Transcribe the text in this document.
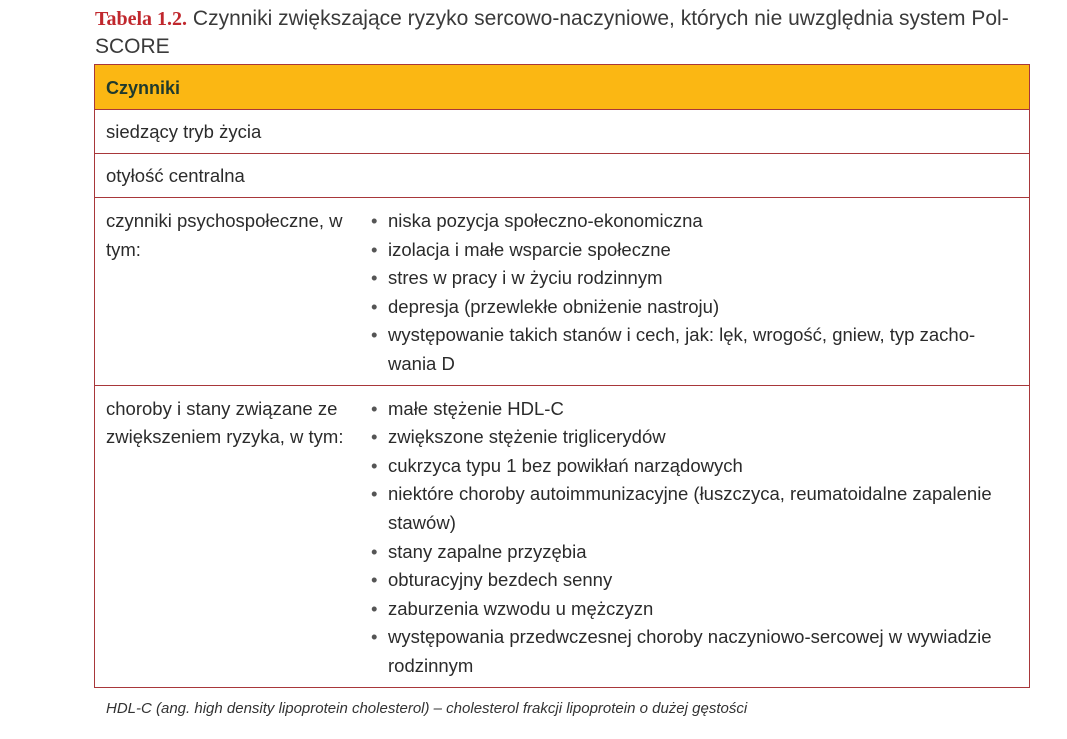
Tabela 1.2. Czynniki zwiększające ryzyko sercowo-naczyniowe, których nie uwzględnia system Pol-SCORE
Czynniki
siedzący tryb życia
otyłość centralna
czynniki psychospołeczne, w tym:
• niska pozycja społeczno-ekonomiczna
• izolacja i małe wsparcie społeczne
• stres w pracy i w życiu rodzinnym
• depresja (przewlekłe obniżenie nastroju)
• występowanie takich stanów i cech, jak: lęk, wrogość, gniew, typ zachowania D
choroby i stany związane ze zwiększeniem ryzyka, w tym:
• małe stężenie HDL-C
• zwiększone stężenie triglicerydów
• cukrzyca typu 1 bez powikłań narządowych
• niektóre choroby autoimmunizacyjne (łuszczyca, reumatoidalne zapalenie stawów)
• stany zapalne przyzębia
• obturacyjny bezdech senny
• zaburzenia wzwodu u mężczyzn
• występowania przedwczesnej choroby naczyniowo-sercowej w wywiadzie rodzinnym
HDL-C (ang. high density lipoprotein cholesterol) – cholesterol frakcji lipoprotein o dużej gęstości
